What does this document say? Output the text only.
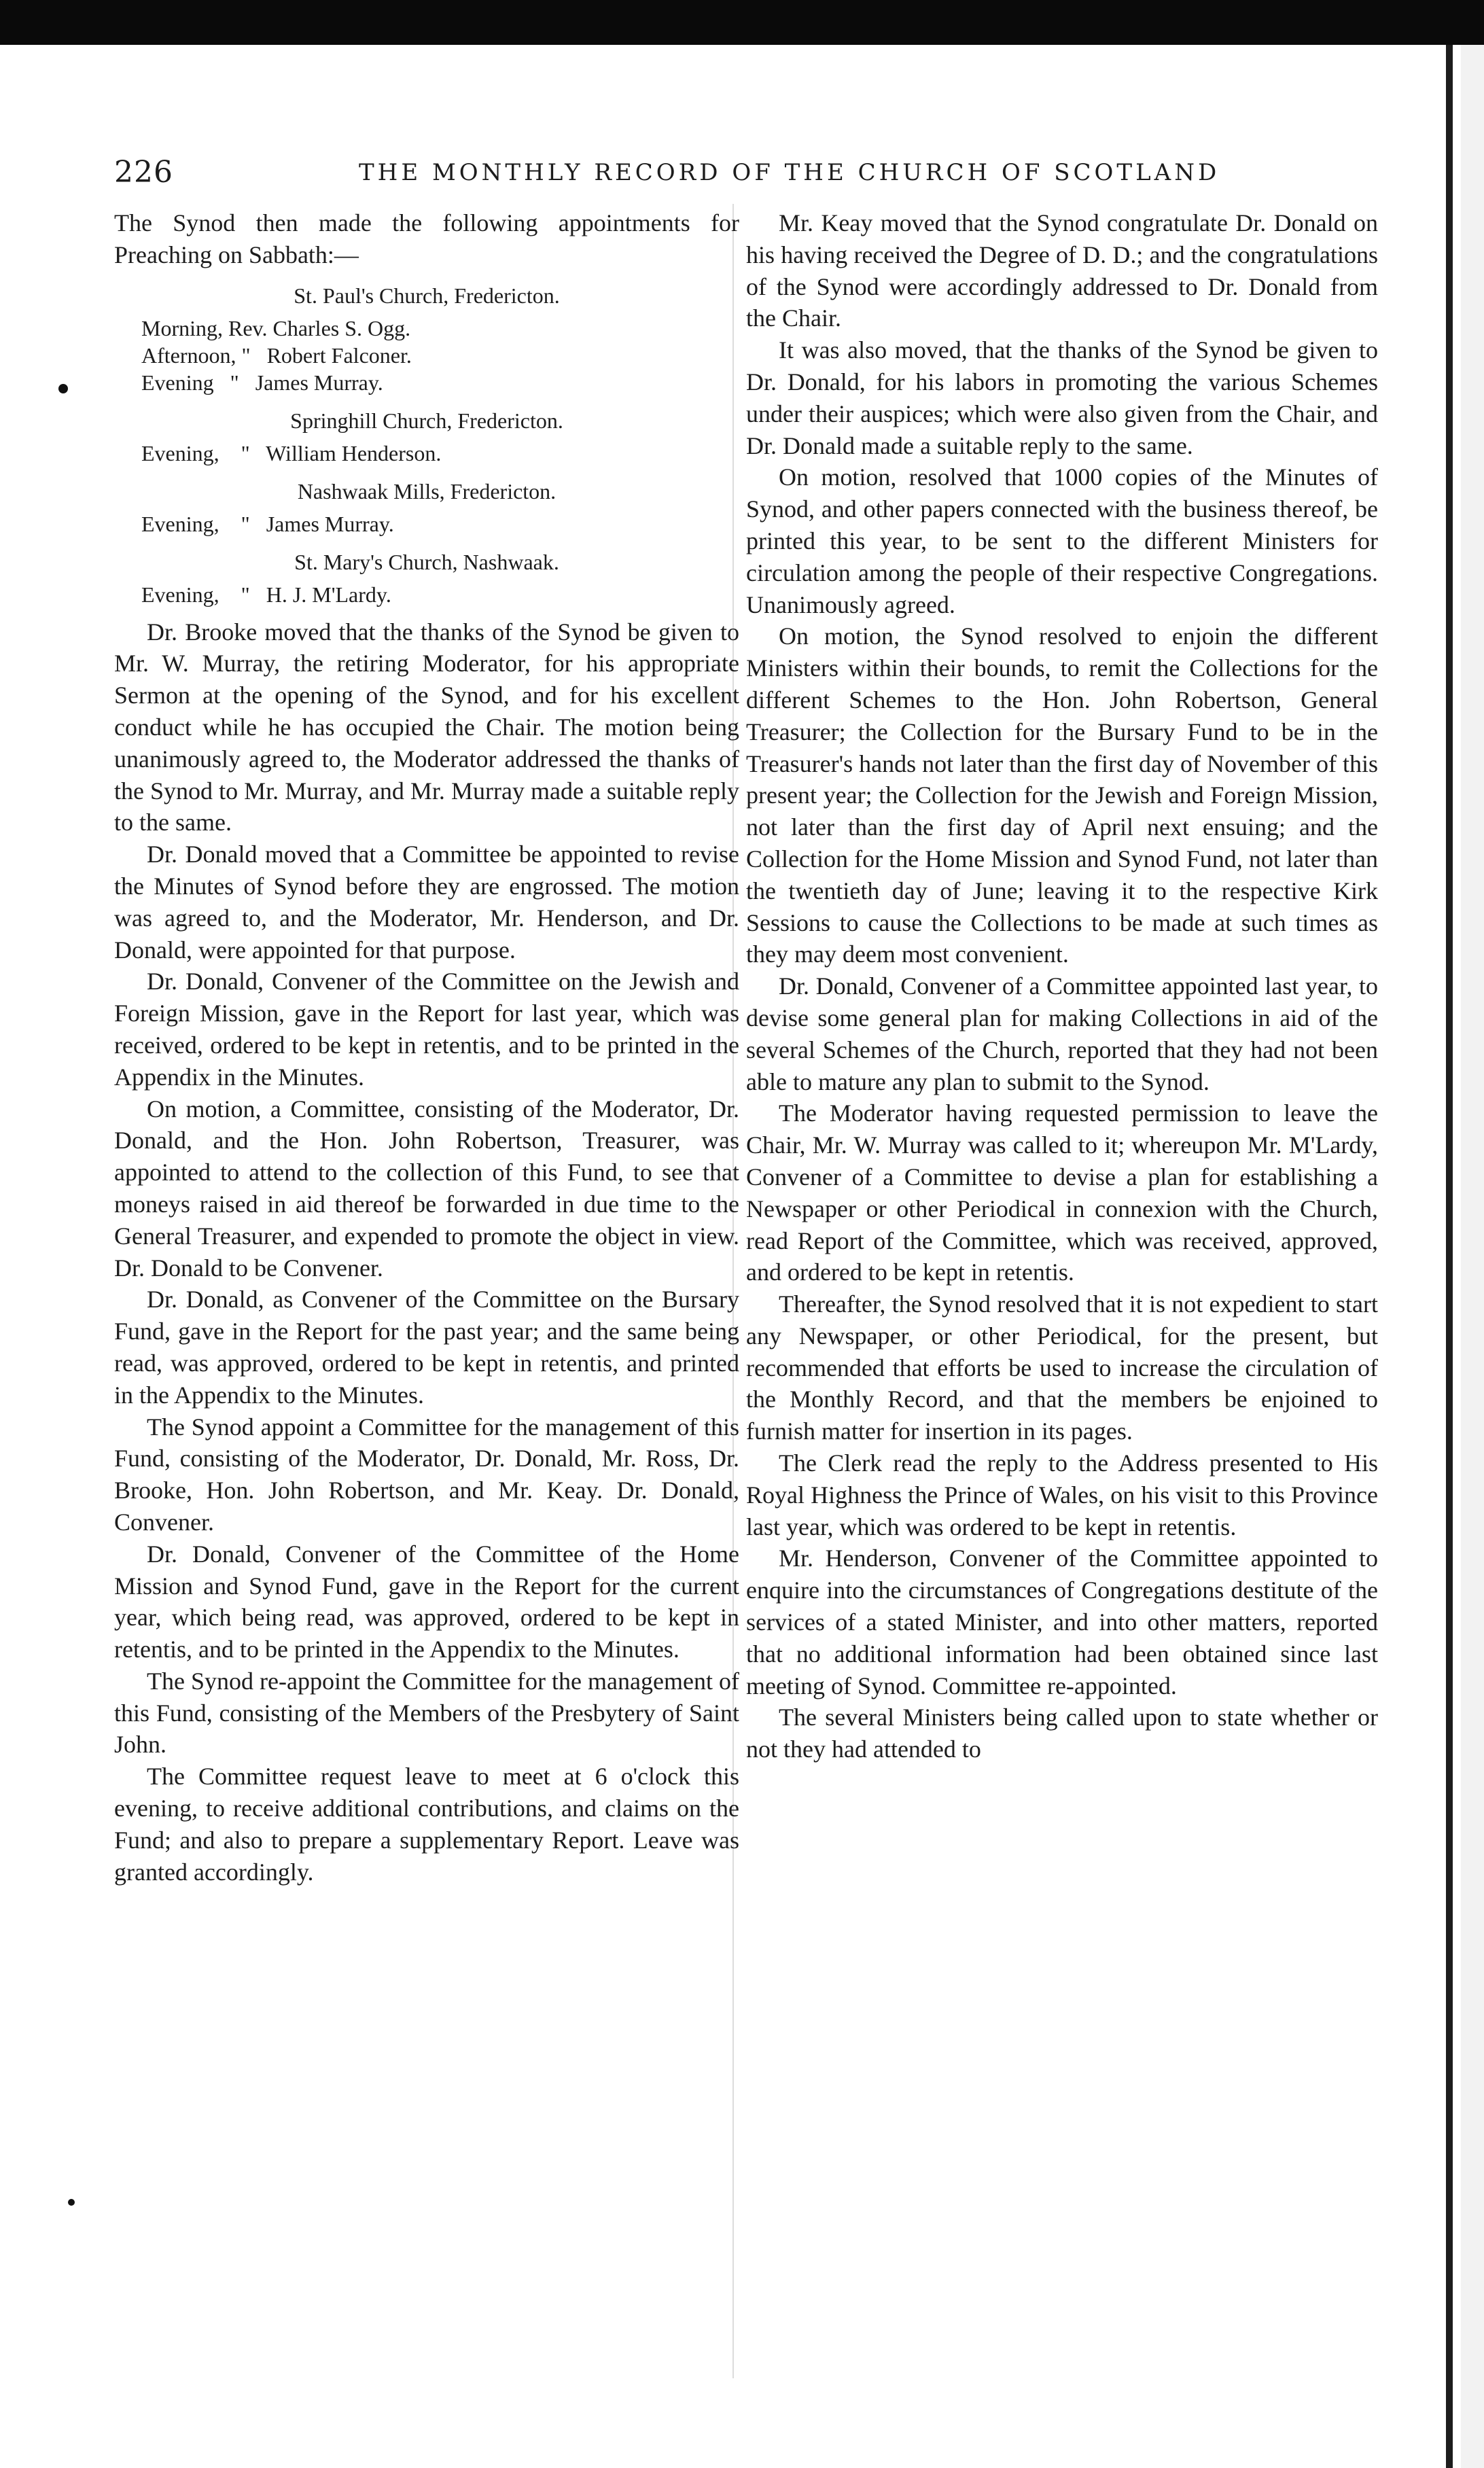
226	THE MONTHLY RECORD OF THE CHURCH OF SCOTLAND

The Synod then made the following appointments for Preaching on Sabbath:—

St. Paul's Church, Fredericton.
Morning, Rev. Charles S. Ogg.
Afternoon, "   Robert Falconer.
Evening   "   James Murray.
Springhill Church, Fredericton.
Evening,    "   William Henderson.
Nashwaak Mills, Fredericton.
Evening,    "   James Murray.
St. Mary's Church, Nashwaak.
Evening,    "   H. J. M'Lardy.

Dr. Brooke moved that the thanks of the Synod be given to Mr. W. Murray, the retiring Moderator, for his appropriate Sermon at the opening of the Synod, and for his excellent conduct while he has occupied the Chair. The motion being unanimously agreed to, the Moderator addressed the thanks of the Synod to Mr. Murray, and Mr. Murray made a suitable reply to the same.

Dr. Donald moved that a Committee be appointed to revise the Minutes of Synod before they are engrossed. The motion was agreed to, and the Moderator, Mr. Henderson, and Dr. Donald, were appointed for that purpose.

Dr. Donald, Convener of the Committee on the Jewish and Foreign Mission, gave in the Report for last year, which was received, ordered to be kept in retentis, and to be printed in the Appendix in the Minutes.

On motion, a Committee, consisting of the Moderator, Dr. Donald, and the Hon. John Robertson, Treasurer, was appointed to attend to the collection of this Fund, to see that moneys raised in aid thereof be forwarded in due time to the General Treasurer, and expended to promote the object in view. Dr. Donald to be Convener.

Dr. Donald, as Convener of the Committee on the Bursary Fund, gave in the Report for the past year; and the same being read, was approved, ordered to be kept in retentis, and printed in the Appendix to the Minutes.

The Synod appoint a Committee for the management of this Fund, consisting of the Moderator, Dr. Donald, Mr. Ross, Dr. Brooke, Hon. John Robertson, and Mr. Keay. Dr. Donald, Convener.

Dr. Donald, Convener of the Committee of the Home Mission and Synod Fund, gave in the Report for the current year, which being read, was approved, ordered to be kept in retentis, and to be printed in the Appendix to the Minutes.

The Synod re-appoint the Committee for the management of this Fund, consisting of the Members of the Presbytery of Saint John.

The Committee request leave to meet at 6 o'clock this evening, to receive additional contributions, and claims on the Fund; and also to prepare a supplementary Report. Leave was granted accordingly.

Mr. Keay moved that the Synod congratulate Dr. Donald on his having received the Degree of D. D.; and the congratulations of the Synod were accordingly addressed to Dr. Donald from the Chair.

It was also moved, that the thanks of the Synod be given to Dr. Donald, for his labors in promoting the various Schemes under their auspices; which were also given from the Chair, and Dr. Donald made a suitable reply to the same.

On motion, resolved that 1000 copies of the Minutes of Synod, and other papers connected with the business thereof, be printed this year, to be sent to the different Ministers for circulation among the people of their respective Congregations. Unanimously agreed.

On motion, the Synod resolved to enjoin the different Ministers within their bounds, to remit the Collections for the different Schemes to the Hon. John Robertson, General Treasurer; the Collection for the Bursary Fund to be in the Treasurer's hands not later than the first day of November of this present year; the Collection for the Jewish and Foreign Mission, not later than the first day of April next ensuing; and the Collection for the Home Mission and Synod Fund, not later than the twentieth day of June; leaving it to the respective Kirk Sessions to cause the Collections to be made at such times as they may deem most convenient.

Dr. Donald, Convener of a Committee appointed last year, to devise some general plan for making Collections in aid of the several Schemes of the Church, reported that they had not been able to mature any plan to submit to the Synod.

The Moderator having requested permission to leave the Chair, Mr. W. Murray was called to it; whereupon Mr. M'Lardy, Convener of a Committee to devise a plan for establishing a Newspaper or other Periodical in connexion with the Church, read Report of the Committee, which was received, approved, and ordered to be kept in retentis.

Thereafter, the Synod resolved that it is not expedient to start any Newspaper, or other Periodical, for the present, but recommended that efforts be used to increase the circulation of the Monthly Record, and that the members be enjoined to furnish matter for insertion in its pages.

The Clerk read the reply to the Address presented to His Royal Highness the Prince of Wales, on his visit to this Province last year, which was ordered to be kept in retentis.

Mr. Henderson, Convener of the Committee appointed to enquire into the circumstances of Congregations destitute of the services of a stated Minister, and into other matters, reported that no additional information had been obtained since last meeting of Synod. Committee re-appointed.

The several Ministers being called upon to state whether or not they had attended to
